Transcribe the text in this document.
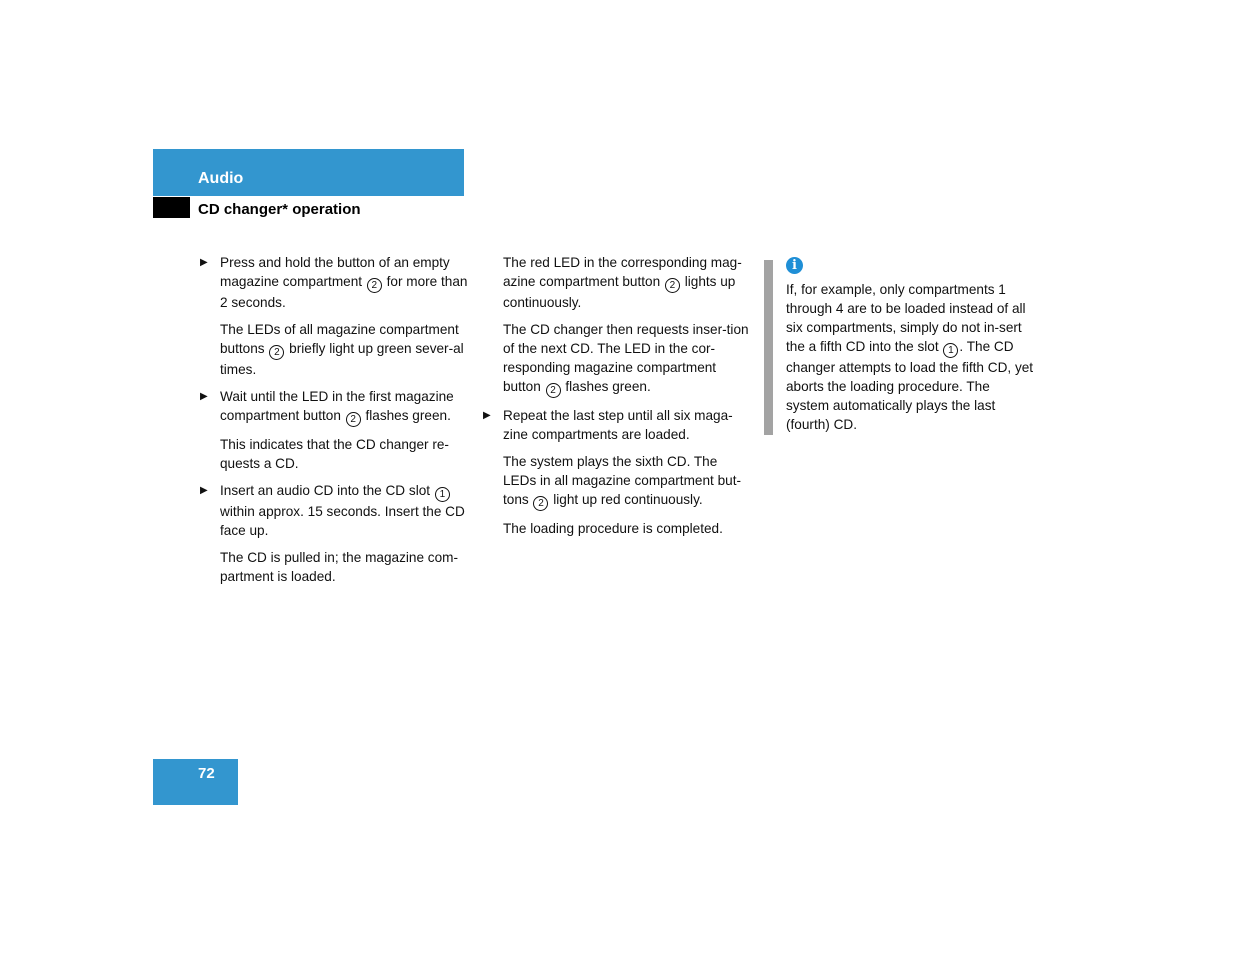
Audio
CD changer* operation
▶ Press and hold the button of an empty magazine compartment 2 for more than 2 seconds.
The LEDs of all magazine compartment buttons 2 briefly light up green sever-al times.
▶ Wait until the LED in the first magazine compartment button 2 flashes green.
This indicates that the CD changer re-quests a CD.
▶ Insert an audio CD into the CD slot 1 within approx. 15 seconds. Insert the CD face up.
The CD is pulled in; the magazine com-partment is loaded.
The red LED in the corresponding mag-azine compartment button 2 lights up continuously.
The CD changer then requests inser-tion of the next CD. The LED in the cor-responding magazine compartment button 2 flashes green.
▶ Repeat the last step until all six maga-zine compartments are loaded.
The system plays the sixth CD. The LEDs in all magazine compartment but-tons 2 light up red continuously.
The loading procedure is completed.
i
If, for example, only compartments 1 through 4 are to be loaded instead of all six compartments, simply do not in-sert the a fifth CD into the slot 1 . The CD changer attempts to load the fifth CD, yet aborts the loading procedure. The system automatically plays the last (fourth) CD.
72
